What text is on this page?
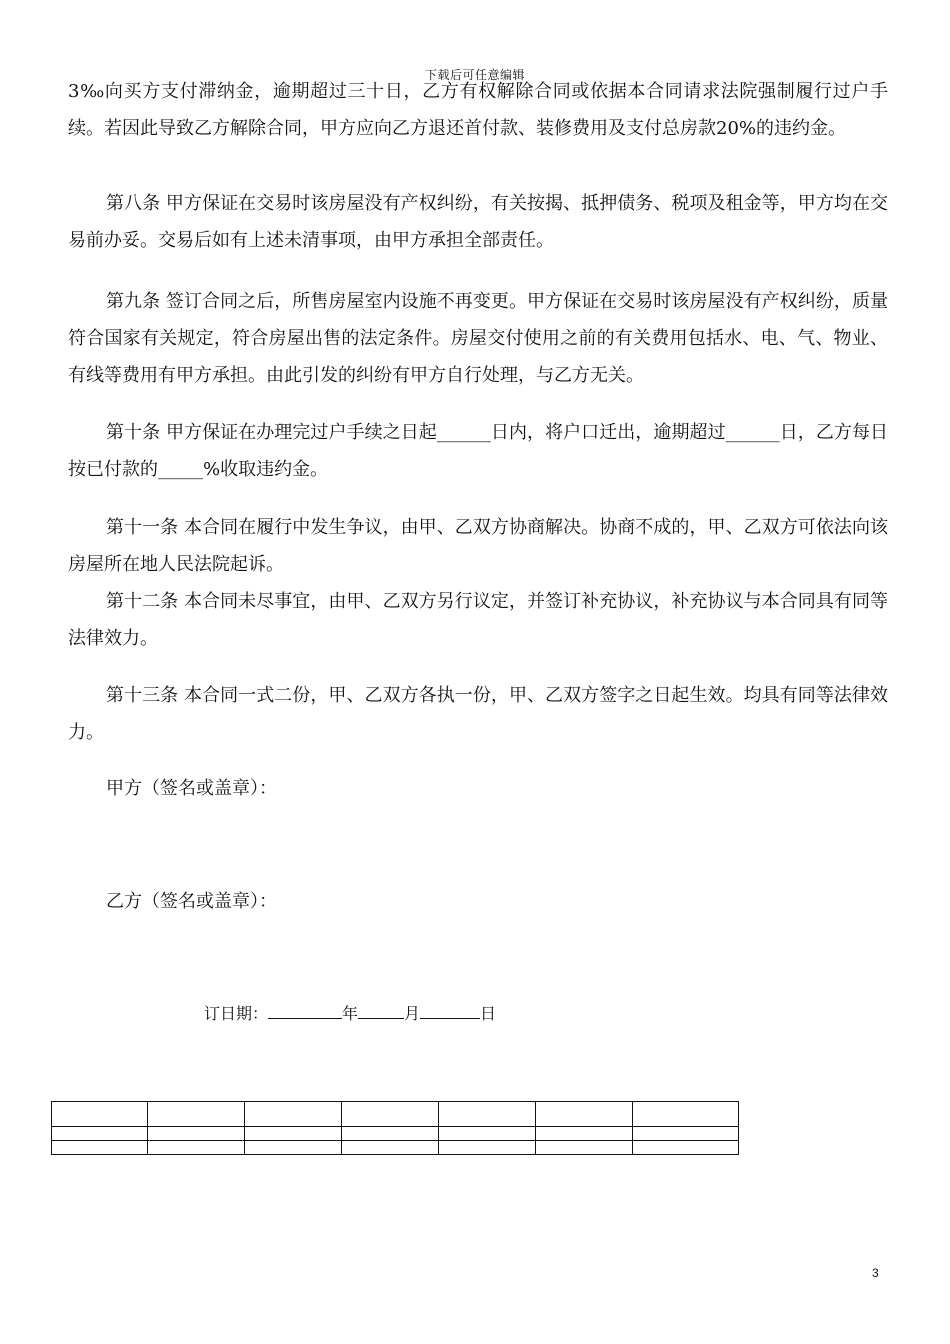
下载后可任意编辑

3‰向买方支付滞纳金，逾期超过三十日，乙方有权解除合同或依据本合同请求法院强制履行过户手续。若因此导致乙方解除合同，甲方应向乙方退还首付款、装修费用及支付总房款20%的违约金。

第八条 甲方保证在交易时该房屋没有产权纠纷，有关按揭、抵押债务、税项及租金等，甲方均在交易前办妥。交易后如有上述未清事项，由甲方承担全部责任。

第九条 签订合同之后，所售房屋室内设施不再变更。甲方保证在交易时该房屋没有产权纠纷，质量符合国家有关规定，符合房屋出售的法定条件。房屋交付使用之前的有关费用包括水、电、气、物业、有线等费用有甲方承担。由此引发的纠纷有甲方自行处理，与乙方无关。

第十条 甲方保证在办理完过户手续之日起______日内，将户口迁出，逾期超过______日，乙方每日按已付款的_____%收取违约金。

第十一条 本合同在履行中发生争议，由甲、乙双方协商解决。协商不成的，甲、乙双方可依法向该房屋所在地人民法院起诉。

第十二条 本合同未尽事宜，由甲、乙双方另行议定，并签订补充协议，补充协议与本合同具有同等法律效力。

第十三条 本合同一式二份，甲、乙双方各执一份，甲、乙双方签字之日起生效。均具有同等法律效力。

甲方（签名或盖章）：

乙方（签名或盖章）：

订日期：	年	月	日

3
